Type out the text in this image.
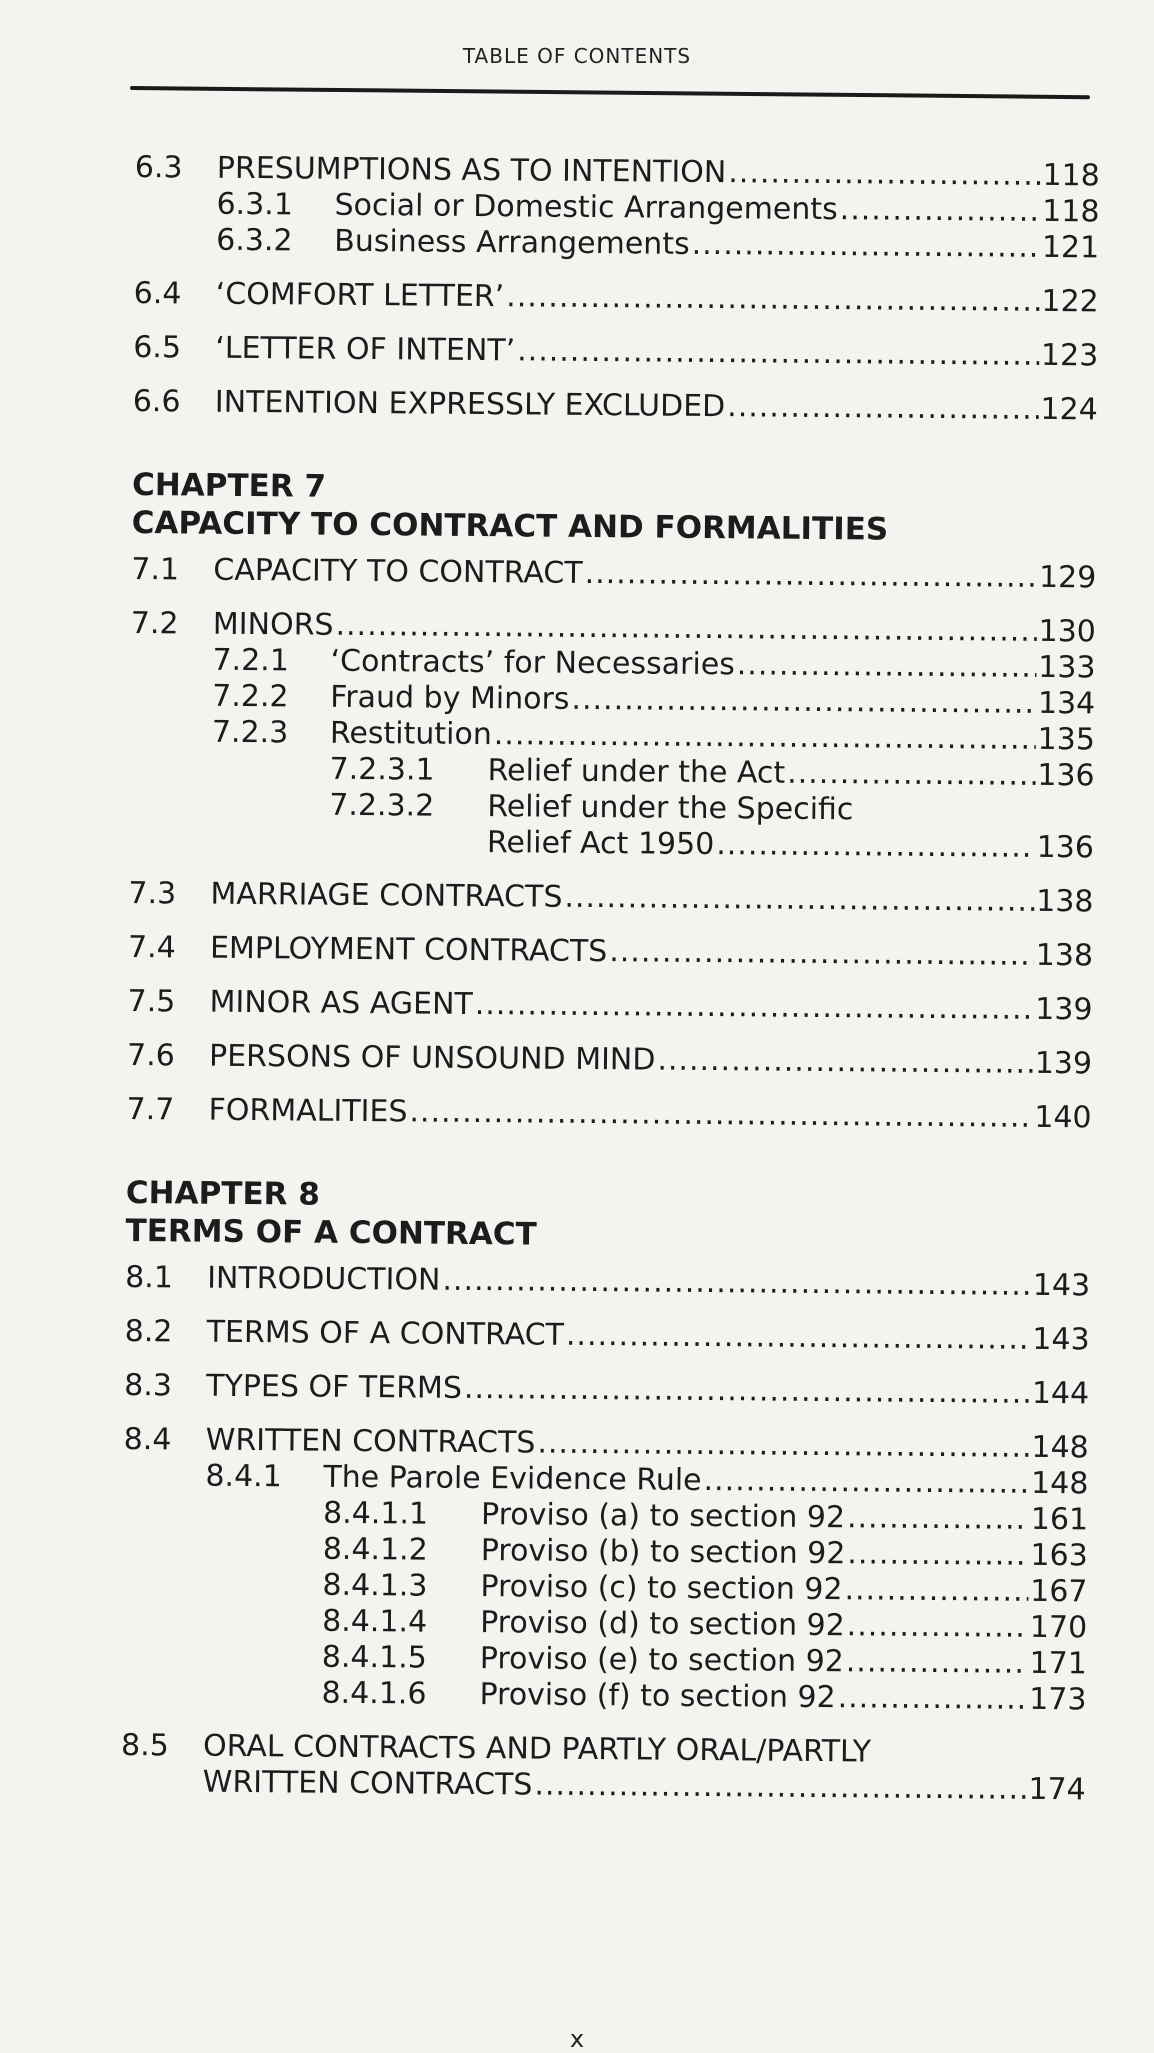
TABLE OF CONTENTS
6.3	PRESUMPTIONS AS TO INTENTION .....	118
6.3.1	Social or Domestic Arrangements .....	118
6.3.2	Business Arrangements .....	121
6.4	‘COMFORT LETTER’ .....	122
6.5	‘LETTER OF INTENT’ .....	123
6.6	INTENTION EXPRESSLY EXCLUDED .....	124
CHAPTER 7
CAPACITY TO CONTRACT AND FORMALITIES
7.1	CAPACITY TO CONTRACT .....	129
7.2	MINORS .....	130
7.2.1	‘Contracts’ for Necessaries .....	133
7.2.2	Fraud by Minors .....	134
7.2.3	Restitution .....	135
7.2.3.1	Relief under the Act .....	136
7.2.3.2	Relief under the Specific
Relief Act 1950 .....	136
7.3	MARRIAGE CONTRACTS .....	138
7.4	EMPLOYMENT CONTRACTS .....	138
7.5	MINOR AS AGENT .....	139
7.6	PERSONS OF UNSOUND MIND .....	139
7.7	FORMALITIES .....	140
CHAPTER 8
TERMS OF A CONTRACT
8.1	INTRODUCTION .....	143
8.2	TERMS OF A CONTRACT .....	143
8.3	TYPES OF TERMS .....	144
8.4	WRITTEN CONTRACTS .....	148
8.4.1	The Parole Evidence Rule .....	148
8.4.1.1	Proviso (a) to section 92 .....	161
8.4.1.2	Proviso (b) to section 92 .....	163
8.4.1.3	Proviso (c) to section 92 .....	167
8.4.1.4	Proviso (d) to section 92 .....	170
8.4.1.5	Proviso (e) to section 92 .....	171
8.4.1.6	Proviso (f) to section 92 .....	173
8.5	ORAL CONTRACTS AND PARTLY ORAL/PARTLY
WRITTEN CONTRACTS .....	174
x
